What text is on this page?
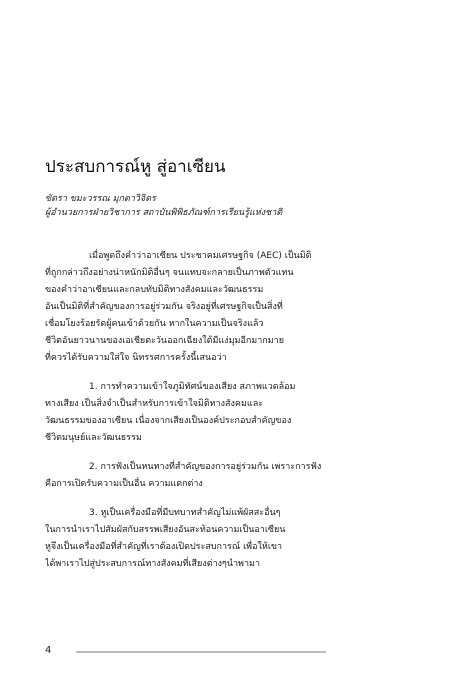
ประสบการณ์หู สู่อาเซียน
ขัตรา ขมะวรรณ มุกดาวิจิตร
ผู้อำนวยการฝ่ายวิชาการ สถาบันพิพิธภัณฑ์การเรียนรู้แห่งชาติ

เมื่อพูดถึงคำว่าอาเซียน ประชาคมเศรษฐกิจ (AEC) เป็นมิติ
ที่ถูกกล่าวถึงอย่างน่าหนักมิติอื่นๆ จนแทบจะกลายเป็นภาพตัวแทน
ของคำว่าอาเซียนและกลบทับมิติทางสังคมและวัฒนธรรม
อันเป็นมิติที่สำคัญของการอยู่ร่วมกัน จริงอยู่ที่เศรษฐกิจเป็นสิ่งที่
เชื่อมโยงร้อยรัดผู้คนเข้าด้วยกัน หากในความเป็นจริงแล้ว
ชีวิตอันยาวนานของเอเชียตะวันออกเฉียงใต้มีแง่มุมอีกมากมาย
ที่ควรได้รับความใส่ใจ นิทรรศการครั้งนี้เสนอว่า

1. การทำความเข้าใจภูมิทัศน์ของเสียง สภาพแวดล้อม
ทางเสียง เป็นสิ่งจำเป็นสำหรับการเข้าใจมิติทางสังคมและ
วัฒนธรรมของอาเซียน เนื่องจากเสียงเป็นองค์ประกอบสำคัญของ
ชีวิตมนุษย์และวัฒนธรรม

2. การฟังเป็นหนทางที่สำคัญของการอยู่ร่วมกัน เพราะการฟัง
คือการเปิดรับความเป็นอื่น ความแตกต่าง

3. หูเป็นเครื่องมือที่มีบทบาทสำคัญไม่แพ้ผัสสะอื่นๆ
ในการนำเราไปสัมผัสกับสรรพเสียงอันสะท้อนความเป็นอาเซียน
หูจึงเป็นเครื่องมือที่สำคัญที่เราต้องเปิดประสบการณ์ เพื่อให้เขา
ได้พาเราไปสู่ประสบการณ์ทางสังคมที่เสียงต่างๆนำพามา

4
